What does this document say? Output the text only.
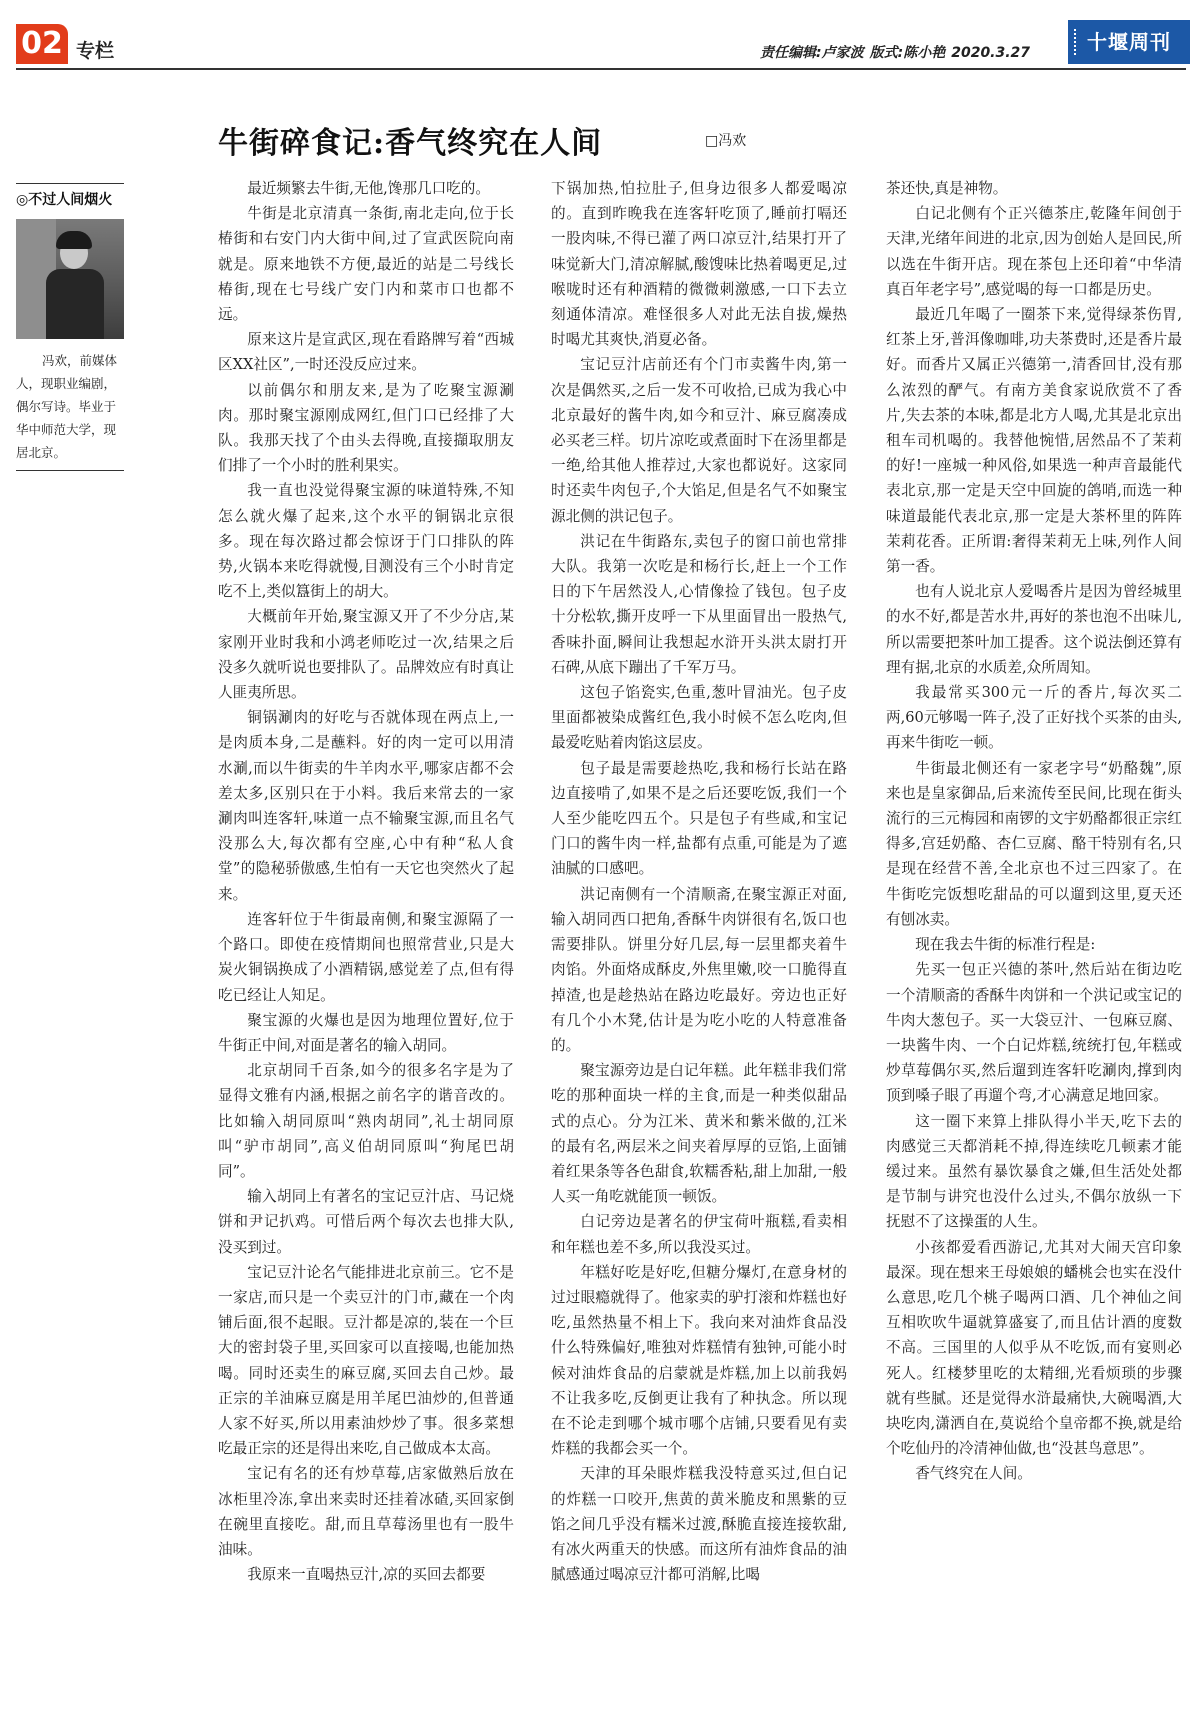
02 专栏	责任编辑:卢家波 版式:陈小艳 2020.3.27	十堰周刊
牛街碎食记:香气终究在人间	□冯欢
◎不过人间烟火
冯欢，前媒体人，现职业编剧，偶尔写诗。毕业于华中师范大学，现居北京。

最近频繁去牛街,无他,馋那几口吃的。

牛街是北京清真一条街,南北走向,位于长椿街和右安门内大街中间,过了宣武医院向南就是。原来地铁不方便,最近的站是二号线长椿街,现在七号线广安门内和菜市口也都不远。

原来这片是宣武区,现在看路牌写着“西城区XX社区”,一时还没反应过来。

以前偶尔和朋友来,是为了吃聚宝源涮肉。那时聚宝源刚成网红,但门口已经排了大队。我那天找了个由头去得晚,直接擷取朋友们排了一个小时的胜利果实。

我一直也没觉得聚宝源的味道特殊,不知怎么就火爆了起来,这个水平的铜锅北京很多。现在每次路过都会惊讶于门口排队的阵势,火锅本来吃得就慢,目测没有三个小时肯定吃不上,类似簋街上的胡大。

大概前年开始,聚宝源又开了不少分店,某家刚开业时我和小鸿老师吃过一次,结果之后没多久就听说也要排队了。品牌效应有时真让人匪夷所思。

铜锅涮肉的好吃与否就体现在两点上,一是肉质本身,二是蘸料。好的肉一定可以用清水涮,而以牛街卖的牛羊肉水平,哪家店都不会差太多,区别只在于小料。我后来常去的一家涮肉叫连客轩,味道一点不输聚宝源,而且名气没那么大,每次都有空座,心中有种“私人食堂”的隐秘骄傲感,生怕有一天它也突然火了起来。

连客轩位于牛街最南侧,和聚宝源隔了一个路口。即使在疫情期间也照常营业,只是大炭火铜锅换成了小酒精锅,感觉差了点,但有得吃已经让人知足。

聚宝源的火爆也是因为地理位置好,位于牛街正中间,对面是著名的输入胡同。

北京胡同千百条,如今的很多名字是为了显得文雅有内涵,根据之前名字的谐音改的。比如输入胡同原叫“熟肉胡同”,礼士胡同原叫“驴市胡同”,高义伯胡同原叫“狗尾巴胡同”。

输入胡同上有著名的宝记豆汁店、马记烧饼和尹记扒鸡。可惜后两个每次去也排大队,没买到过。

宝记豆汁论名气能排进北京前三。它不是一家店,而只是一个卖豆汁的门市,藏在一个肉铺后面,很不起眼。豆汁都是凉的,装在一个巨大的密封袋子里,买回家可以直接喝,也能加热喝。同时还卖生的麻豆腐,买回去自己炒。最正宗的羊油麻豆腐是用羊尾巴油炒的,但普通人家不好买,所以用素油炒炒了事。很多菜想吃最正宗的还是得出来吃,自己做成本太高。

宝记有名的还有炒草莓,店家做熟后放在冰柜里冷冻,拿出来卖时还挂着冰碴,买回家倒在碗里直接吃。甜,而且草莓汤里也有一股牛油味。

我原来一直喝热豆汁,凉的买回去都要

下锅加热,怕拉肚子,但身边很多人都爱喝凉的。直到昨晚我在连客轩吃顶了,睡前打嗝还一股肉味,不得已灌了两口凉豆汁,结果打开了味觉新大门,清凉解腻,酸馊味比热着喝更足,过喉咙时还有种酒精的微微刺激感,一口下去立刻通体清凉。难怪很多人对此无法自拔,燥热时喝尤其爽快,消夏必备。

宝记豆汁店前还有个门市卖酱牛肉,第一次是偶然买,之后一发不可收拾,已成为我心中北京最好的酱牛肉,如今和豆汁、麻豆腐凑成必买老三样。切片凉吃或煮面时下在汤里都是一绝,给其他人推荐过,大家也都说好。这家同时还卖牛肉包子,个大馅足,但是名气不如聚宝源北侧的洪记包子。

洪记在牛街路东,卖包子的窗口前也常排大队。我第一次吃是和杨行长,赶上一个工作日的下午居然没人,心情像捡了钱包。包子皮十分松软,撕开皮呼一下从里面冒出一股热气,香味扑面,瞬间让我想起水浒开头洪太尉打开石碑,从底下蹦出了千军万马。

这包子馅瓷实,色重,葱叶冒油光。包子皮里面都被染成酱红色,我小时候不怎么吃肉,但最爱吃贴着肉馅这层皮。

包子最是需要趁热吃,我和杨行长站在路边直接啃了,如果不是之后还要吃饭,我们一个人至少能吃四五个。只是包子有些咸,和宝记门口的酱牛肉一样,盐都有点重,可能是为了遮油腻的口感吧。

洪记南侧有一个清顺斋,在聚宝源正对面,输入胡同西口把角,香酥牛肉饼很有名,饭口也需要排队。饼里分好几层,每一层里都夹着牛肉馅。外面烙成酥皮,外焦里嫩,咬一口脆得直掉渣,也是趁热站在路边吃最好。旁边也正好有几个小木凳,估计是为吃小吃的人特意准备的。

聚宝源旁边是白记年糕。此年糕非我们常吃的那种面块一样的主食,而是一种类似甜品式的点心。分为江米、黄米和紫米做的,江米的最有名,两层米之间夹着厚厚的豆馅,上面铺着红果条等各色甜食,软糯香粘,甜上加甜,一般人买一角吃就能顶一顿饭。

白记旁边是著名的伊宝荷叶瓶糕,看卖相和年糕也差不多,所以我没买过。

年糕好吃是好吃,但糖分爆灯,在意身材的过过眼瘾就得了。他家卖的驴打滚和炸糕也好吃,虽然热量不相上下。我向来对油炸食品没什么特殊偏好,唯独对炸糕情有独钟,可能小时候对油炸食品的启蒙就是炸糕,加上以前我妈不让我多吃,反倒更让我有了种执念。所以现在不论走到哪个城市哪个店铺,只要看见有卖炸糕的我都会买一个。

天津的耳朵眼炸糕我没特意买过,但白记的炸糕一口咬开,焦黄的黄米脆皮和黑紫的豆馅之间几乎没有糯米过渡,酥脆直接连接软甜,有冰火两重天的快感。而这所有油炸食品的油腻感通过喝凉豆汁都可消解,比喝

茶还快,真是神物。

白记北侧有个正兴德茶庄,乾隆年间创于天津,光绪年间进的北京,因为创始人是回民,所以选在牛街开店。现在茶包上还印着“中华清真百年老字号”,感觉喝的每一口都是历史。

最近几年喝了一圈茶下来,觉得绿茶伤胃,红茶上牙,普洱像咖啡,功夫茶费时,还是香片最好。而香片又属正兴德第一,清香回甘,没有那么浓烈的酽气。有南方美食家说欣赏不了香片,失去茶的本味,都是北方人喝,尤其是北京出租车司机喝的。我替他惋惜,居然品不了茉莉的好!一座城一种风俗,如果选一种声音最能代表北京,那一定是天空中回旋的鸽哨,而选一种味道最能代表北京,那一定是大茶杯里的阵阵茉莉花香。正所谓:奢得茉莉无上味,列作人间第一香。

也有人说北京人爱喝香片是因为曾经城里的水不好,都是苦水井,再好的茶也泡不出味儿,所以需要把茶叶加工提香。这个说法倒还算有理有据,北京的水质差,众所周知。

我最常买300元一斤的香片,每次买二两,60元够喝一阵子,没了正好找个买茶的由头,再来牛街吃一顿。

牛街最北侧还有一家老字号“奶酪魏”,原来也是皇家御品,后来流传至民间,比现在街头流行的三元梅园和南锣的文宇奶酪都很正宗红得多,宫廷奶酪、杏仁豆腐、酪干特别有名,只是现在经营不善,全北京也不过三四家了。在牛街吃完饭想吃甜品的可以遛到这里,夏天还有刨冰卖。

现在我去牛街的标准行程是:

先买一包正兴德的茶叶,然后站在街边吃一个清顺斋的香酥牛肉饼和一个洪记或宝记的牛肉大葱包子。买一大袋豆汁、一包麻豆腐、一块酱牛肉、一个白记炸糕,统统打包,年糕或炒草莓偶尔买,然后遛到连客轩吃涮肉,撑到肉顶到嗓子眼了再遛个弯,才心满意足地回家。

这一圈下来算上排队得小半天,吃下去的肉感觉三天都消耗不掉,得连续吃几顿素才能缓过来。虽然有暴饮暴食之嫌,但生活处处都是节制与讲究也没什么过头,不偶尔放纵一下抚慰不了这操蛋的人生。

小孩都爱看西游记,尤其对大闹天宫印象最深。现在想来王母娘娘的蟠桃会也实在没什么意思,吃几个桃子喝两口酒、几个神仙之间互相吹吹牛逼就算盛宴了,而且估计酒的度数不高。三国里的人似乎从不吃饭,而有宴则必死人。红楼梦里吃的太精细,光看烦琐的步骤就有些腻。还是觉得水浒最痛快,大碗喝酒,大块吃肉,潇洒自在,莫说给个皇帝都不换,就是给个吃仙丹的冷清神仙做,也“没甚鸟意思”。

香气终究在人间。
